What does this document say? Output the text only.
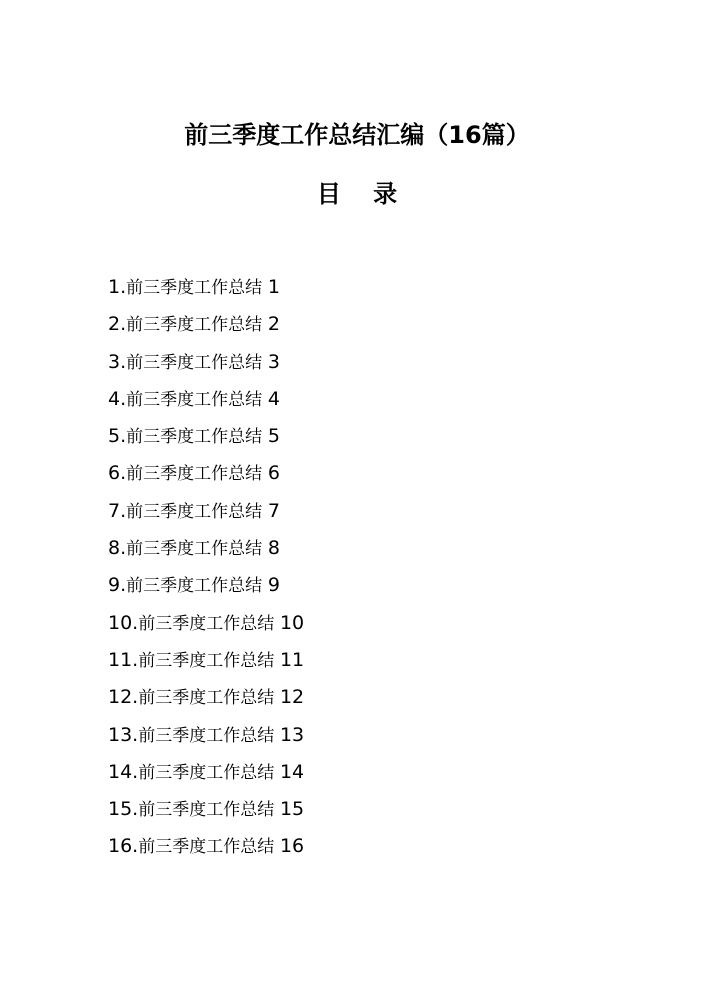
前三季度工作总结汇编（16篇）
目 录
1.前三季度工作总结 1
2.前三季度工作总结 2
3.前三季度工作总结 3
4.前三季度工作总结 4
5.前三季度工作总结 5
6.前三季度工作总结 6
7.前三季度工作总结 7
8.前三季度工作总结 8
9.前三季度工作总结 9
10.前三季度工作总结 10
11.前三季度工作总结 11
12.前三季度工作总结 12
13.前三季度工作总结 13
14.前三季度工作总结 14
15.前三季度工作总结 15
16.前三季度工作总结 16
